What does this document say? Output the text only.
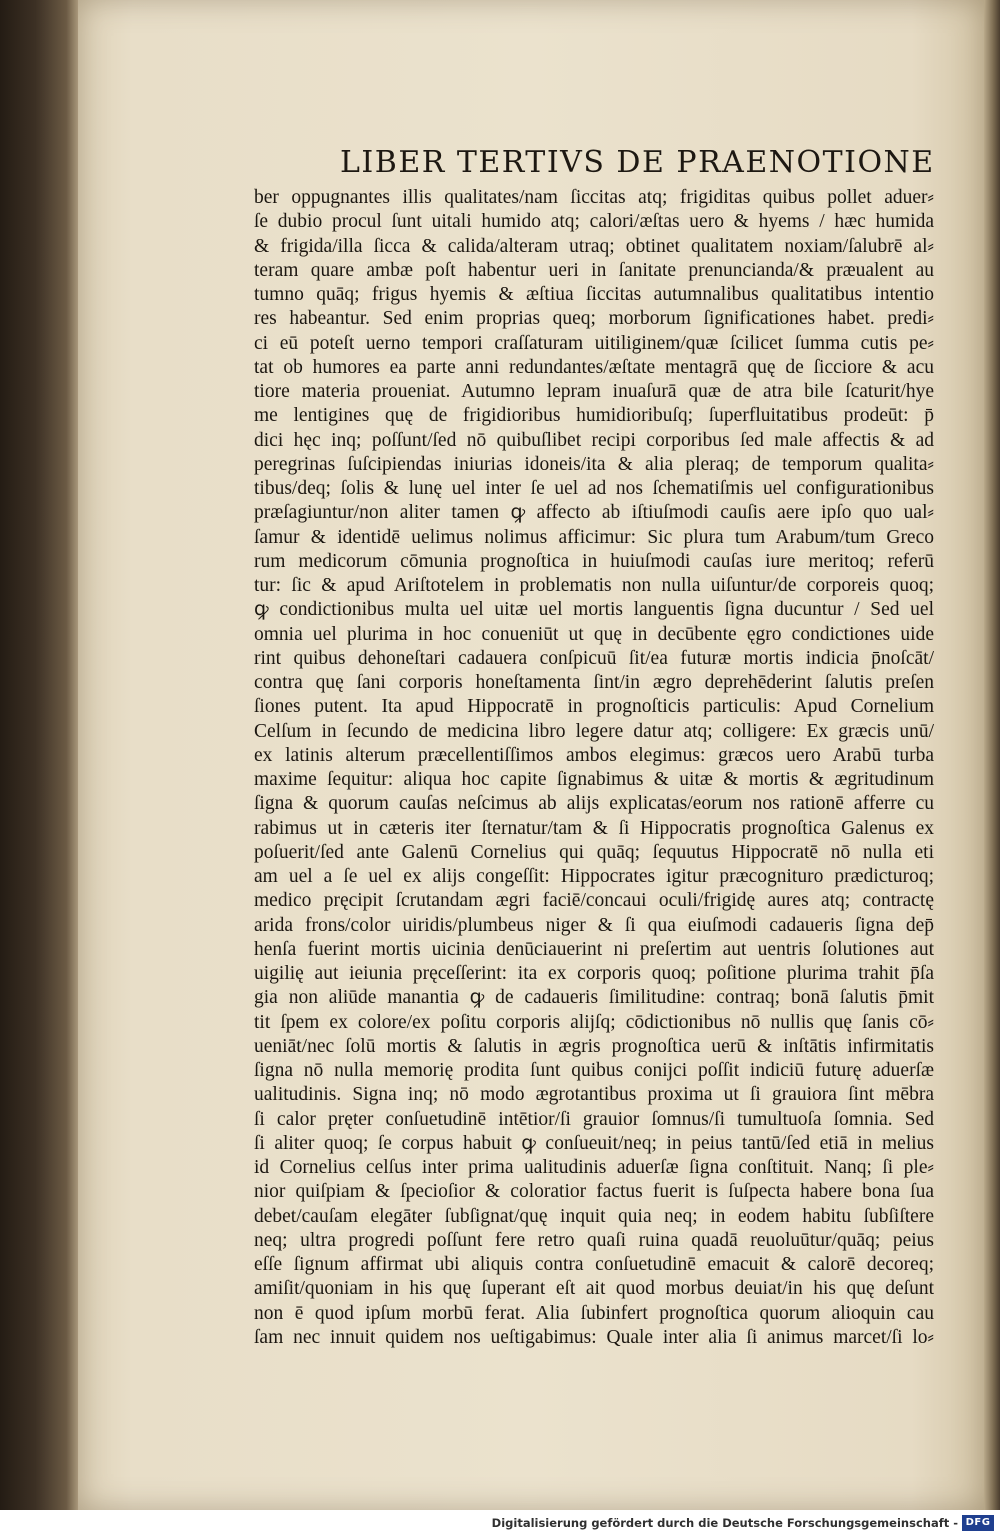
LIBER TERTIVS DE PRAENOTIONE
ber oppugnantes illis qualitates/nam ſiccitas atq; frigiditas quibus pollet aduer⸗
ſe dubio procul ſunt uitali humido atq; calori/æſtas uero & hyems / hæc humida
& frigida/illa ſicca & calida/alteram utraq; obtinet qualitatem noxiam/ſalubrē al⸗
teram quare ambæ poſt habentur ueri in ſanitate prenuncianda/& præualent au
tumno quāq; frigus hyemis & æſtiua ſiccitas autumnalibus qualitatibus intentio
res habeantur. Sed enim proprias queq; morborum ſignificationes habet. predi⸗
ci eū poteſt uerno tempori craſſaturam uitiliginem/quæ ſcilicet ſumma cutis pe⸗
tat ob humores ea parte anni redundantes/æſtate mentagrā quę de ſicciore & acu
tiore materia proueniat. Autumno lepram inuaſurā quæ de atra bile ſcaturit/hye
me lentigines quę de frigidioribus humidioribuſq; ſuperfluitatibus prodeūt: p̄
dici hęc inq; poſſunt/ſed nō quibuſlibet recipi corporibus ſed male affectis & ad
peregrinas ſuſcipiendas iniurias idoneis/ita & alia pleraq; de temporum qualita⸗
tibus/deq; ſolis & lunę uel inter ſe uel ad nos ſchematiſmis uel configurationibus
præſagiuntur/non aliter tamen ꝙ affecto ab iſtiuſmodi cauſis aere ipſo quo ual⸗
ſamur & identidē uelimus nolimus afficimur: Sic plura tum Arabum/tum Greco
rum medicorum cōmunia prognoſtica in huiuſmodi cauſas iure meritoq; referū
tur: ſic & apud Ariſtotelem in problematis non nulla uiſuntur/de corporeis quoq;
ꝙ condictionibus multa uel uitæ uel mortis languentis ſigna ducuntur / Sed uel
omnia uel plurima in hoc conueniūt ut quę in decūbente ęgro condictiones uide
rint quibus dehoneſtari cadauera conſpicuū ſit/ea futuræ mortis indicia p̄noſcāt/
contra quę ſani corporis honeſtamenta ſint/in ægro deprehēderint ſalutis preſen
ſiones putent. Ita apud Hippocratē in prognoſticis particulis: Apud Cornelium
Celſum in ſecundo de medicina libro legere datur atq; colligere: Ex græcis unū/
ex latinis alterum præcellentiſſimos ambos elegimus: græcos uero Arabū turba
maxime ſequitur: aliqua hoc capite ſignabimus & uitæ & mortis & ægritudinum
ſigna & quorum cauſas neſcimus ab alijs explicatas/eorum nos rationē afferre cu
rabimus ut in cæteris iter ſternatur/tam & ſi Hippocratis prognoſtica Galenus ex
poſuerit/ſed ante Galenū Cornelius qui quāq; ſequutus Hippocratē nō nulla eti
am uel a ſe uel ex alijs congeſſit: Hippocrates igitur præcogniturо prædicturoq;
medico pręcipit ſcrutandam ægri faciē/concaui oculi/frigidę aures atq; contractę
arida frons/color uiridis/plumbeus niger & ſi qua eiuſmodi cadaueris ſigna dep̄
henſa fuerint mortis uicinia denūciauerint ni preſertim aut uentris ſolutiones aut
uigilię aut ieiunia pręceſſerint: ita ex corporis quoq; poſitione plurima trahit p̄ſa
gia non aliūde manantia ꝙ de cadaueris ſimilitudine: contraq; bonā ſalutis p̄mit
tit ſpem ex colore/ex poſitu corporis alijſq; cōdictionibus nō nullis quę ſanis cō⸗
ueniāt/nec ſolū mortis & ſalutis in ægris prognoſtica uerū & inſtātis infirmitatis
ſigna nō nulla memorię prodita ſunt quibus conijci poſſit indiciū futurę aduerſæ
ualitudinis. Signa inq; nō modo ægrotantibus proxima ut ſi grauiora ſint mēbra
ſi calor pręter conſuetudinē intētior/ſi grauior ſomnus/ſi tumultuoſa ſomnia. Sed
ſi aliter quoq; ſe corpus habuit ꝙ conſueuit/neq; in peius tantū/ſed etiā in melius
id Cornelius celſus inter prima ualitudinis aduerſæ ſigna conſtituit. Nanq; ſi ple⸗
nior quiſpiam & ſpecioſior & coloratior factus fuerit is ſuſpecta habere bona ſua
debet/cauſam elegāter ſubſignat/quę inquit quia neq; in eodem habitu ſubſiſtere
neq; ultra progredi poſſunt fere retro quaſi ruina quadā reuoluūtur/quāq; peius
eſſe ſignum affirmat ubi aliquis contra conſuetudinē emacuit & calorē decoreq;
amiſit/quoniam in his quę ſuperant eſt ait quod morbus deuiat/in his quę deſunt
non ē quod ipſum morbū ferat. Alia ſubinfert prognoſtica quorum alioquin cau
ſam nec innuit quidem nos ueſtigabimus: Quale inter alia ſi animus marcet/ſi lo⸗
Digitalisierung gefördert durch die Deutsche Forschungsgemeinschaft - DFG
